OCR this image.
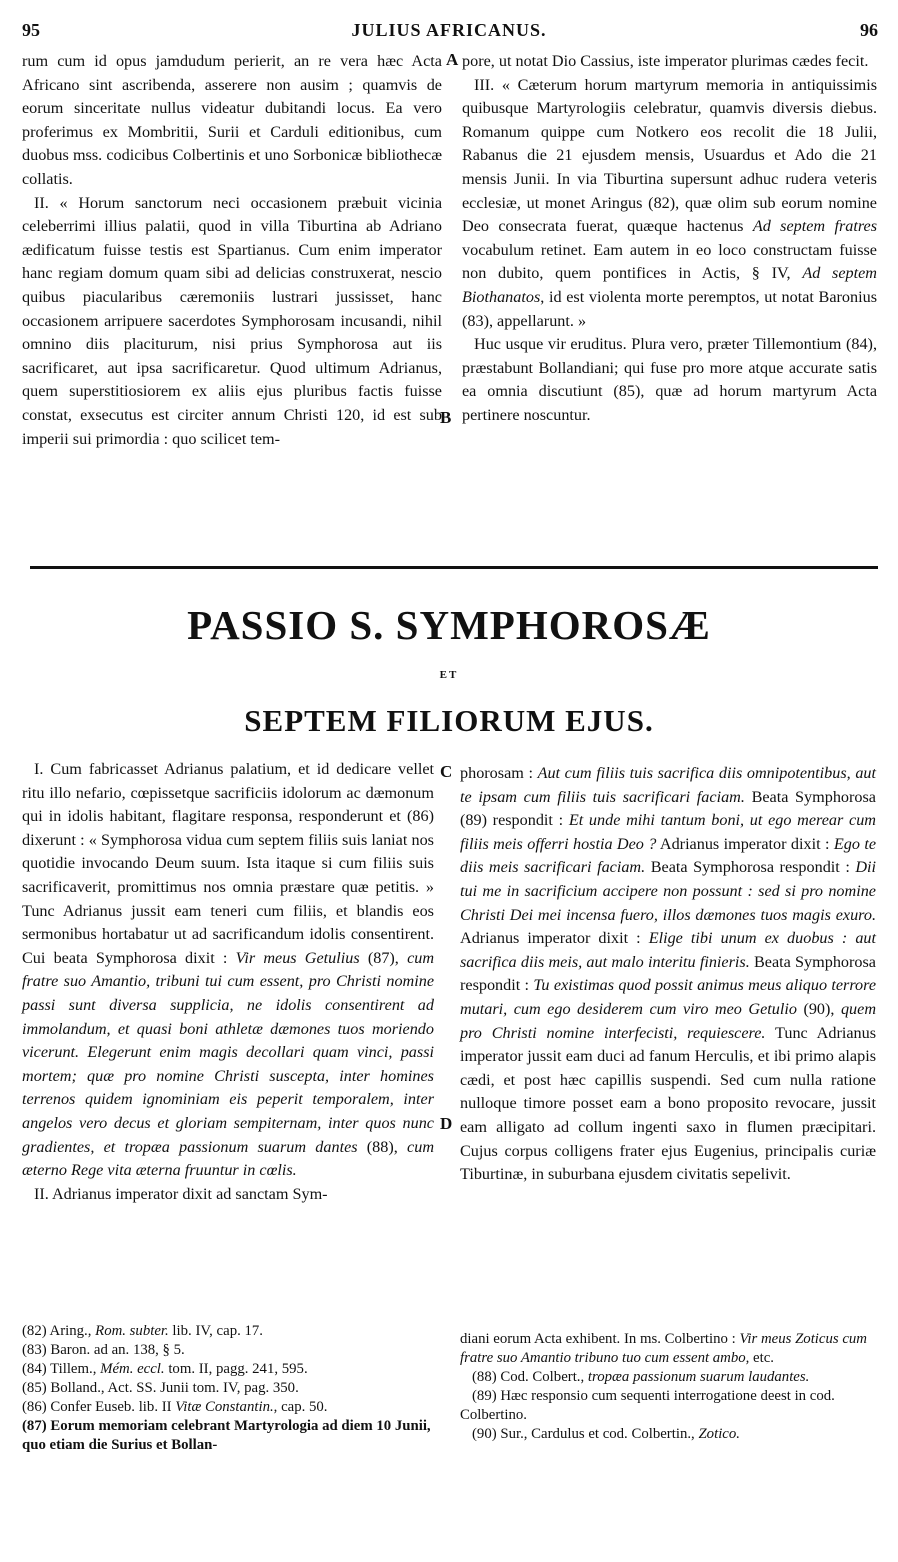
95	JULIUS AFRICANUS.	96

rum cum id opus jamdudum perierit, an re vera hæc Acta Africano sint ascribenda, asserere non ausim ; quamvis de eorum sinceritate nullus videatur dubitandi locus. Ea vero proferimus ex Mombritii, Surii et Carduli editionibus, cum duobus mss. codicibus Colbertinis et uno Sorbonicæ bibliothecæ collatis.

II. « Horum sanctorum neci occasionem præbuit vicinia celeberrimi illius palatii, quod in villa Tiburtina ab Adriano ædificatum fuisse testis est Spartianus. Cum enim imperator hanc regiam domum quam sibi ad delicias construxerat, nescio quibus piacularibus cæremoniis lustrari jussisset, hanc occasionem arripuere sacerdotes Symphorosam incusandi, nihil omnino diis placiturum, nisi prius Symphorosa aut iis sacrificaret, aut ipsa sacrificaretur. Quod ultimum Adrianus, quem superstitiosiorem ex aliis ejus pluribus factis fuisse constat, exsecutus est circiter annum Christi 120, id est sub imperii sui primordia : quo scilicet tem-

A
B

pore, ut notat Dio Cassius, iste imperator plurimas cædes fecit.

III. « Cæterum horum martyrum memoria in antiquissimis quibusque Martyrologiis celebratur, quamvis diversis diebus. Romanum quippe cum Notkero eos recolit die 18 Julii, Rabanus die 21 ejusdem mensis, Usuardus et Ado die 21 mensis Junii. In via Tiburtina supersunt adhuc rudera veteris ecclesiæ, ut monet Aringus (82), quæ olim sub eorum nomine Deo consecrata fuerat, quæque hactenus Ad septem fratres vocabulum retinet. Eam autem in eo loco constructam fuisse non dubito, quem pontifices in Actis, § IV, Ad septem Biothanatos, id est violenta morte peremptos, ut notat Baronius (83), appellarunt. »

Huc usque vir eruditus. Plura vero, præter Tillemontium (84), præstabunt Bollandiani; qui fuse pro more atque accurate satis ea omnia discutiunt (85), quæ ad horum martyrum Acta pertinere noscuntur.

PASSIO S. SYMPHOROSÆ
ET
SEPTEM FILIORUM EJUS.

I. Cum fabricasset Adrianus palatium, et id dedicare vellet ritu illo nefario, cœpissetque sacrificiis idolorum ac dæmonum qui in idolis habitant, flagitare responsa, responderunt et (86) dixerunt : « Symphorosa vidua cum septem filiis suis laniat nos quotidie invocando Deum suum. Ista itaque si cum filiis suis sacrificaverit, promittimus nos omnia præstare quæ petitis. » Tunc Adrianus jussit eam teneri cum filiis, et blandis eos sermonibus hortabatur ut ad sacrificandum idolis consentirent. Cui beata Symphorosa dixit : Vir meus Getulius (87), cum fratre suo Amantio, tribuni tui cum essent, pro Christi nomine passi sunt diversa supplicia, ne idolis consentirent ad immolandum, et quasi boni athletæ dæmones tuos moriendo vicerunt. Elegerunt enim magis decollari quam vinci, passi mortem; quæ pro nomine Christi suscepta, inter homines terrenos quidem ignominiam eis peperit temporalem, inter angelos vero decus et gloriam sempiternam, inter quos nunc gradientes, et tropæa passionum suarum dantes (88), cum æterno Rege vita æterna fruuntur in cœlis.

II. Adrianus imperator dixit ad sanctam Sym-

C
D

phorosam : Aut cum filiis tuis sacrifica diis omnipotentibus, aut te ipsam cum filiis tuis sacrificari faciam. Beata Symphorosa (89) respondit : Et unde mihi tantum boni, ut ego merear cum filiis meis offerri hostia Deo ? Adrianus imperator dixit : Ego te diis meis sacrificari faciam. Beata Symphorosa respondit : Dii tui me in sacrificium accipere non possunt : sed si pro nomine Christi Dei mei incensa fuero, illos dæmones tuos magis exuro. Adrianus imperator dixit : Elige tibi unum ex duobus : aut sacrifica diis meis, aut malo interitu finieris. Beata Symphorosa respondit : Tu existimas quod possit animus meus aliquo terrore mutari, cum ego desiderem cum viro meo Getulio (90), quem pro Christi nomine interfecisti, requiescere. Tunc Adrianus imperator jussit eam duci ad fanum Herculis, et ibi primo alapis cædi, et post hæc capillis suspendi. Sed cum nulla ratione nulloque timore posset eam a bono proposito revocare, jussit eam alligato ad collum ingenti saxo in flumen præcipitari. Cujus corpus colligens frater ejus Eugenius, principalis curiæ Tiburtinæ, in suburbana ejusdem civitatis sepelivit.

(82) Aring., Rom. subter. lib. IV, cap. 17.

(83) Baron. ad an. 138, § 5.

(84) Tillem., Mém. eccl. tom. II, pagg. 241, 595.

(85) Bolland., Act. SS. Junii tom. IV, pag. 350.

(86) Confer Euseb. lib. II Vitæ Constantin., cap. 50.

(87) Eorum memoriam celebrant Martyrologia ad diem 10 Junii, quo etiam die Surius et Bollan-

diani eorum Acta exhibent. In ms. Colbertino : Vir meus Zoticus cum fratre suo Amantio tribuno tuo cum essent ambo, etc.

(88) Cod. Colbert., tropæa passionum suarum laudantes.

(89) Hæc responsio cum sequenti interrogatione deest in cod. Colbertino.

(90) Sur., Cardulus et cod. Colbertin., Zotico.
